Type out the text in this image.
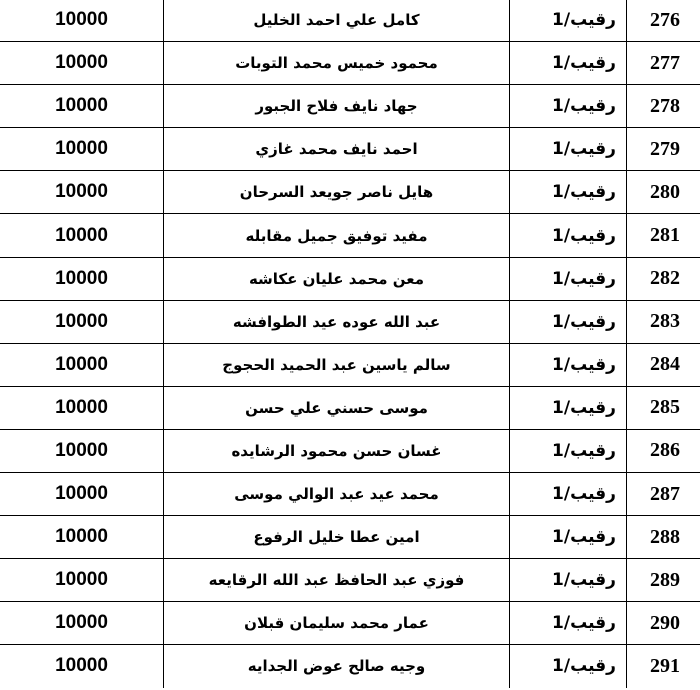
10000	كامل علي احمد الخليل	رقيب/1	276
10000	محمود خميس محمد التوبات	رقيب/1	277
10000	جهاد نايف فلاح الجبور	رقيب/1	278
10000	احمد نايف محمد غازي	رقيب/1	279
10000	هايل ناصر جويعد السرحان	رقيب/1	280
10000	مفيد توفيق جميل مقابله	رقيب/1	281
10000	معن محمد عليان عكاشه	رقيب/1	282
10000	عبد الله عوده عيد الطوافشه	رقيب/1	283
10000	سالم ياسين عبد الحميد الحجوج	رقيب/1	284
10000	موسى حسني علي حسن	رقيب/1	285
10000	غسان حسن محمود الرشايده	رقيب/1	286
10000	محمد عيد عبد الوالي موسى	رقيب/1	287
10000	امين عطا خليل الرفوع	رقيب/1	288
10000	فوزي عبد الحافظ عبد الله الرقايعه	رقيب/1	289
10000	عمار محمد سليمان قبلان	رقيب/1	290
10000	وجيه صالح عوض الجدايه	رقيب/1	291
